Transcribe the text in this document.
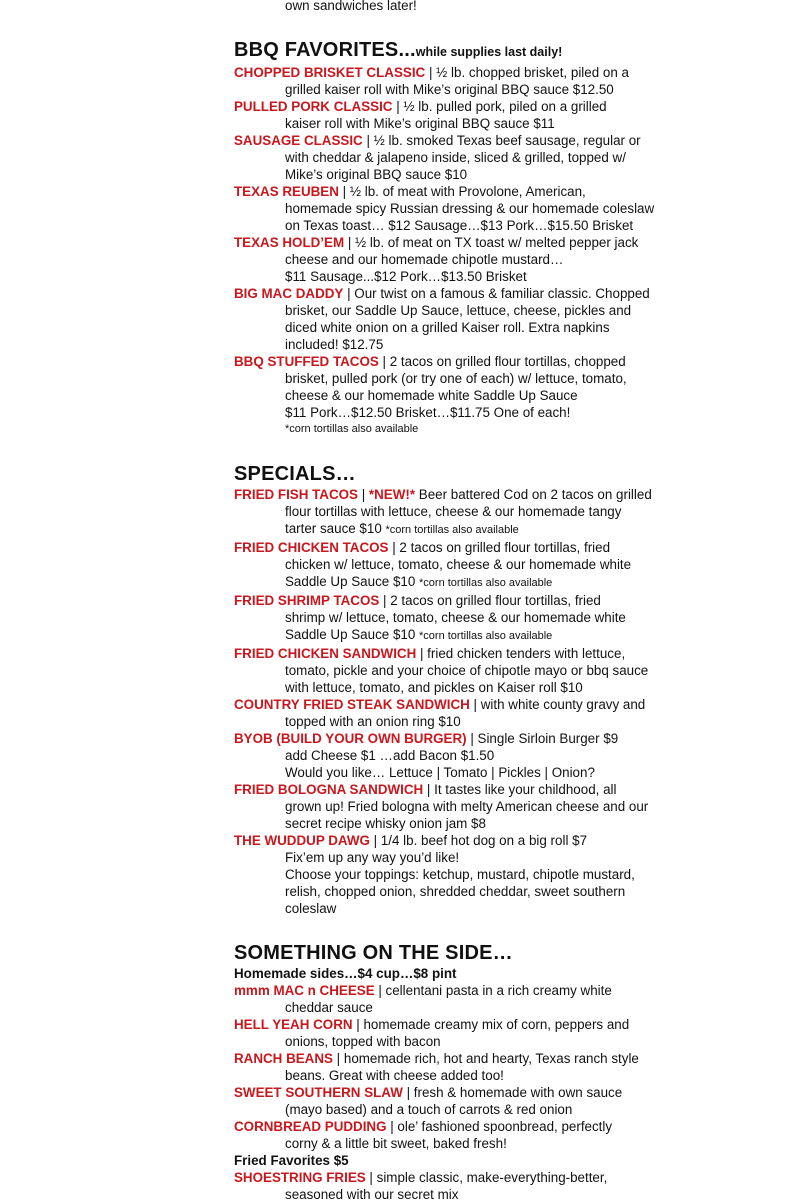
own sandwiches later!
BBQ FAVORITES...while supplies last daily!
CHOPPED BRISKET CLASSIC | ½ lb. chopped brisket, piled on a
grilled kaiser roll with Mike’s original BBQ sauce $12.50
PULLED PORK CLASSIC | ½ lb. pulled pork, piled on a grilled
kaiser roll with Mike’s original BBQ sauce $11
SAUSAGE CLASSIC | ½ lb. smoked Texas beef sausage, regular or
with cheddar & jalapeno inside, sliced & grilled, topped w/
Mike’s original BBQ sauce $10
TEXAS REUBEN | ½ lb. of meat with Provolone, American,
homemade spicy Russian dressing & our homemade coleslaw
on Texas toast… $12 Sausage…$13 Pork…$15.50 Brisket
TEXAS HOLD’EM | ½ lb. of meat on TX toast w/ melted pepper jack
cheese and our homemade chipotle mustard…
$11 Sausage...$12 Pork…$13.50 Brisket
BIG MAC DADDY | Our twist on a famous & familiar classic. Chopped
brisket, our Saddle Up Sauce, lettuce, cheese, pickles and
diced white onion on a grilled Kaiser roll. Extra napkins
included! $12.75
BBQ STUFFED TACOS | 2 tacos on grilled flour tortillas, chopped
brisket, pulled pork (or try one of each) w/ lettuce, tomato,
cheese & our homemade white Saddle Up Sauce
$11 Pork…$12.50 Brisket…$11.75 One of each!
*corn tortillas also available
SPECIALS…
FRIED FISH TACOS | *NEW!* Beer battered Cod on 2 tacos on grilled
flour tortillas with lettuce, cheese & our homemade tangy
tarter sauce $10 *corn tortillas also available
FRIED CHICKEN TACOS | 2 tacos on grilled flour tortillas, fried
chicken w/ lettuce, tomato, cheese & our homemade white
Saddle Up Sauce $10 *corn tortillas also available
FRIED SHRIMP TACOS | 2 tacos on grilled flour tortillas, fried
shrimp w/ lettuce, tomato, cheese & our homemade white
Saddle Up Sauce $10 *corn tortillas also available
FRIED CHICKEN SANDWICH | fried chicken tenders with lettuce,
tomato, pickle and your choice of chipotle mayo or bbq sauce
with lettuce, tomato, and pickles on Kaiser roll $10
COUNTRY FRIED STEAK SANDWICH | with white county gravy and
topped with an onion ring $10
BYOB (BUILD YOUR OWN BURGER) | Single Sirloin Burger $9
add Cheese $1 …add Bacon $1.50
Would you like… Lettuce | Tomato | Pickles | Onion?
FRIED BOLOGNA SANDWICH | It tastes like your childhood, all
grown up! Fried bologna with melty American cheese and our
secret recipe whisky onion jam $8
THE WUDDUP DAWG | 1/4 lb. beef hot dog on a big roll $7
Fix’em up any way you’d like!
Choose your toppings: ketchup, mustard, chipotle mustard,
relish, chopped onion, shredded cheddar, sweet southern
coleslaw
SOMETHING ON THE SIDE…
Homemade sides…$4 cup…$8 pint
mmm MAC n CHEESE | cellentani pasta in a rich creamy white
cheddar sauce
HELL YEAH CORN | homemade creamy mix of corn, peppers and
onions, topped with bacon
RANCH BEANS | homemade rich, hot and hearty, Texas ranch style
beans. Great with cheese added too!
SWEET SOUTHERN SLAW | fresh & homemade with own sauce
(mayo based) and a touch of carrots & red onion
CORNBREAD PUDDING | ole’ fashioned spoonbread, perfectly
corny & a little bit sweet, baked fresh!
Fried Favorites $5
SHOESTRING FRIES | simple classic, make-everything-better,
seasoned with our secret mix
